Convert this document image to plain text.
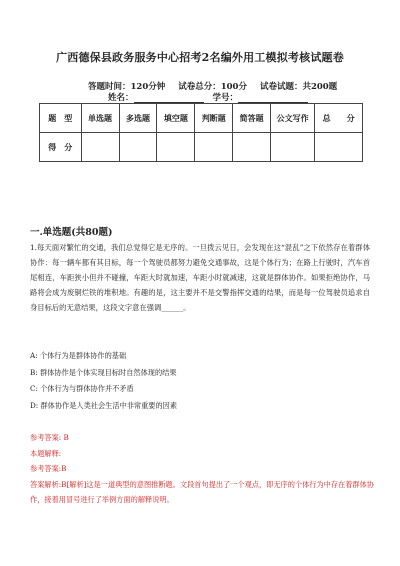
广西德保县政务服务中心招考2名编外用工模拟考核试题卷
答题时间：120分钟 试卷总分：100分 试卷试题：共200题
姓名：	学号：
题　型	单选题	多选题	填空题	判断题	简答题	公文写作	总　　分
得　分							
一.单选题(共80题)
1.每天面对繁忙的交通，我们总觉得它是无序的。一旦拨云见日，会发现在这“混乱”之下依然存在着群体协作：每一辆车都有其目标，每一个驾驶员都努力避免交通事故，这是个体行为；在路上行驶时，汽车首尾相连，车距狭小但并不碰撞，车距大时就加速，车距小时就减速，这就是群体协作。如果拒绝协作，马路将会成为废铜烂铁的堆积地。有趣的是，这主要并不是交警指挥交通的结果，而是每一位驾驶员追求自身目标后的无意结果，这段文字意在强调______。
A: 个体行为是群体协作的基础
B: 群体协作是个体实现目标时自然体现的结果
C: 个体行为与群体协作并不矛盾
D: 群体协作是人类社会生活中非常重要的因素
参考答案: B
本题解释:
参考答案:B
答案解析:B[解析]这是一道典型的意图推断题。文段首句提出了一个观点，即无序的个体行为中存在着群体协作，接着用冒号进行了举例方面的解释说明。
